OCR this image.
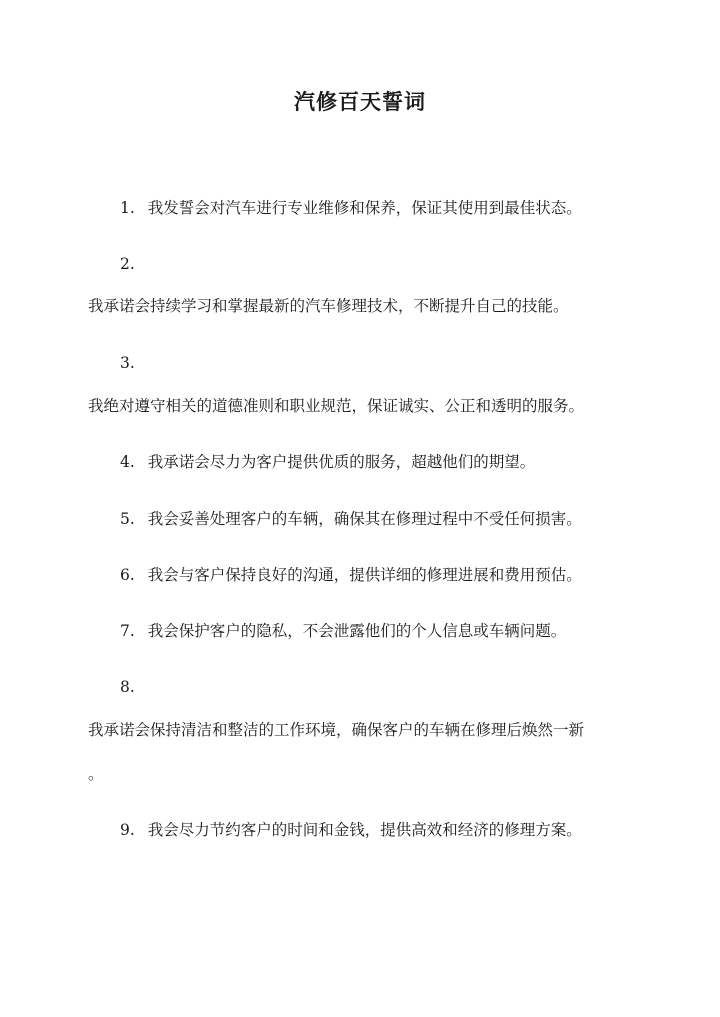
汽修百天誓词
1. 我发誓会对汽车进行专业维修和保养，保证其使用到最佳状态。
2.
我承诺会持续学习和掌握最新的汽车修理技术，不断提升自己的技能。
3.
我绝对遵守相关的道德准则和职业规范，保证诚实、公正和透明的服务。
4. 我承诺会尽力为客户提供优质的服务，超越他们的期望。
5. 我会妥善处理客户的车辆，确保其在修理过程中不受任何损害。
6. 我会与客户保持良好的沟通，提供详细的修理进展和费用预估。
7. 我会保护客户的隐私，不会泄露他们的个人信息或车辆问题。
8.
我承诺会保持清洁和整洁的工作环境，确保客户的车辆在修理后焕然一新
。
9. 我会尽力节约客户的时间和金钱，提供高效和经济的修理方案。
